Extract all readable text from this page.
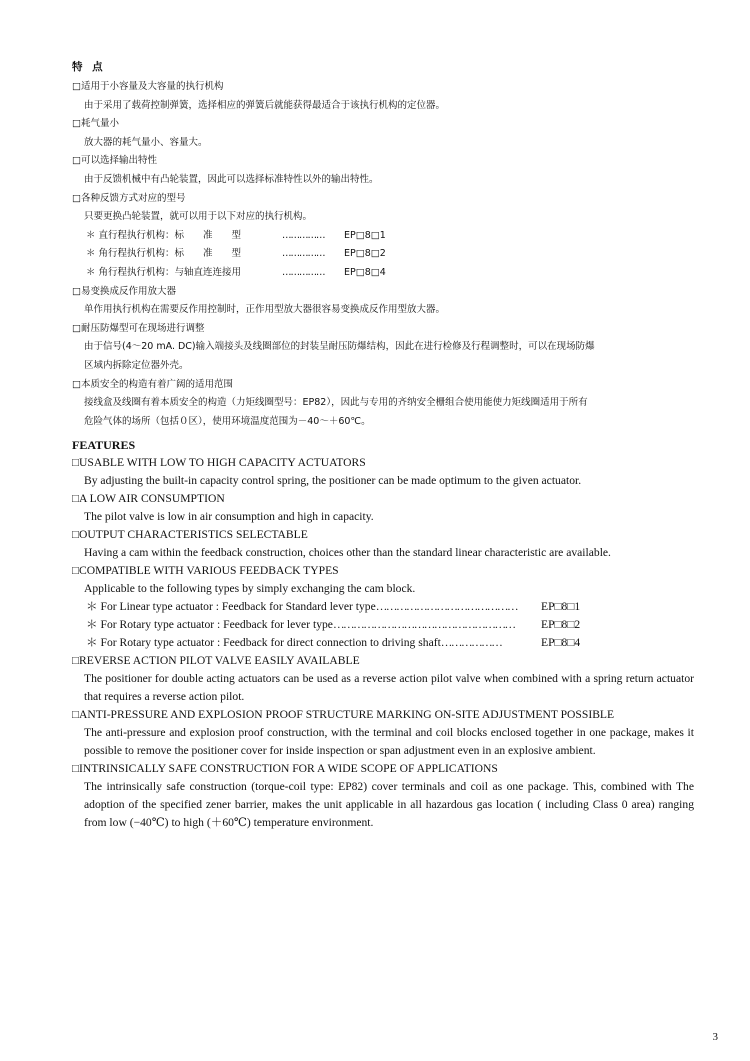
特 点
□适用于小容量及大容量的执行机构
由于采用了载荷控制弹簧，选择相应的弹簧后就能获得最适合于该执行机构的定位器。
□耗气量小
放大器的耗气量小、容量大。
□可以选择输出特性
由于反馈机械中有凸轮装置，因此可以选择标准特性以外的输出特性。
□各种反馈方式对应的型号
只要更换凸轮装置，就可以用于以下对应的执行机构。
＊ 直行程执行机构：标　　准　　型	……………	EP□8□1
＊ 角行程执行机构：标　　准　　型	……………	EP□8□2
＊ 角行程执行机构：与轴直连连接用	……………	EP□8□4
□易变换成反作用放大器
单作用执行机构在需要反作用控制时，正作用型放大器很容易变换成反作用型放大器。
□耐压防爆型可在现场进行调整
由于信号(4～20 mA. DC)输入端接头及线圈部位的封装呈耐压防爆结构，因此在进行检修及行程调整时，可以在现场防爆
区域内拆除定位器外壳。
□本质安全的构造有着广阔的适用范围
接线盒及线圈有着本质安全的构造（力矩线圈型号：EP82），因此与专用的齐纳安全栅组合使用能使力矩线圈适用于所有
危险气体的场所（包括０区），使用环境温度范围为－40～＋60℃。
FEATURES
□USABLE WITH LOW TO HIGH CAPACITY ACTUATORS
By adjusting the built-in capacity control spring, the positioner can be made optimum to the given actuator.
□A LOW AIR CONSUMPTION
The pilot valve is low in air consumption and high in capacity.
□OUTPUT CHARACTERISTICS SELECTABLE
Having a cam within the feedback construction, choices other than the standard linear characteristic are available.
□COMPATIBLE WITH VARIOUS FEEDBACK TYPES
Applicable to the following types by simply exchanging the cam block.
＊ For Linear type actuator : Feedback for Standard lever type……………………………………	EP□8□1
＊ For Rotary type actuator : Feedback for lever type………………………………………………	EP□8□2
＊ For Rotary type actuator : Feedback for direct connection to driving shaft………………	EP□8□4
□REVERSE ACTION PILOT VALVE EASILY AVAILABLE
The positioner for double acting actuators can be used as a reverse action pilot valve when combined with a spring return actuator that requires a reverse action pilot.
□ANTI-PRESSURE AND EXPLOSION PROOF STRUCTURE MARKING ON-SITE ADJUSTMENT POSSIBLE
The anti-pressure and explosion proof construction, with the terminal and coil blocks enclosed together in one package, makes it possible to remove the positioner cover for inside inspection or span adjustment even in an explosive ambient.
□INTRINSICALLY SAFE CONSTRUCTION FOR A WIDE SCOPE OF APPLICATIONS
The intrinsically safe construction (torque-coil type: EP82) cover terminals and coil as one package. This, combined with The adoption of the specified zener barrier, makes the unit applicable in all hazardous gas location ( including Class 0 area) ranging from low (−40℃) to high (＋60℃) temperature environment.
3
